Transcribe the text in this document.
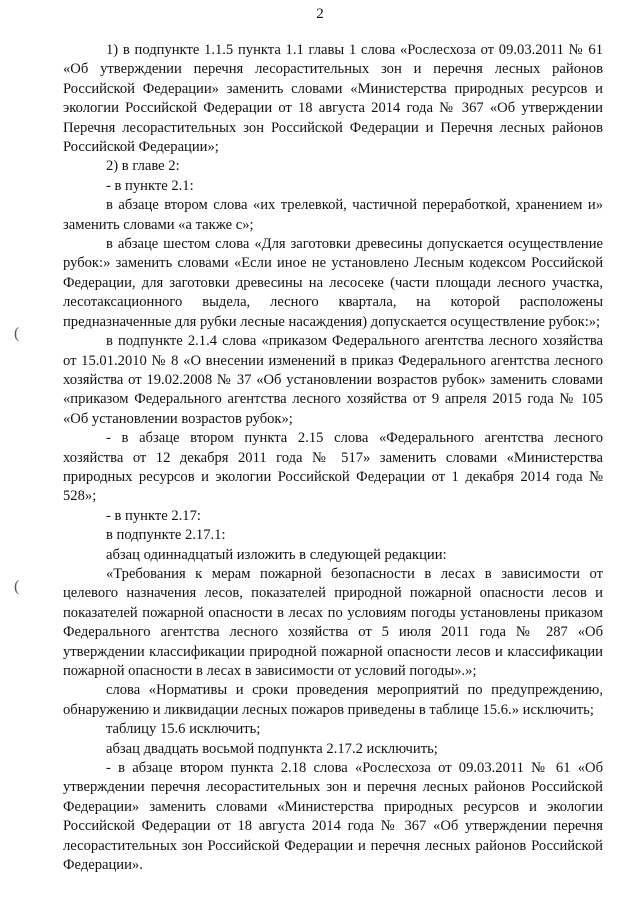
2
(
(

1) в подпункте 1.1.5 пункта 1.1 главы 1 слова «Рослесхоза от 09.03.2011 № 61 «Об утверждении перечня лесорастительных зон и перечня лесных районов Российской Федерации» заменить словами «Министерства природных ресурсов и экологии Российской Федерации от 18 августа 2014 года № 367 «Об утверждении Перечня лесорастительных зон Российской Федерации и Перечня лесных районов Российской Федерации»;

2) в главе 2:

- в пункте 2.1:

в абзаце втором слова «их трелевкой, частичной переработкой, хранением и» заменить словами «а также с»;

в абзаце шестом слова «Для заготовки древесины допускается осуществление рубок:» заменить словами «Если иное не установлено Лесным кодексом Российской Федерации, для заготовки древесины на лесосеке (части площади лесного участка, лесотаксационного выдела, лесного квартала, на которой расположены предназначенные для рубки лесные насаждения) допускается осуществление рубок:»;

в подпункте 2.1.4 слова «приказом Федерального агентства лесного хозяйства от 15.01.2010 № 8 «О внесении изменений в приказ Федерального агентства лесного хозяйства от 19.02.2008 № 37 «Об установлении возрастов рубок» заменить словами «приказом Федерального агентства лесного хозяйства от 9 апреля 2015 года № 105 «Об установлении возрастов рубок»;

- в абзаце втором пункта 2.15 слова «Федерального агентства лесного хозяйства от 12 декабря 2011 года № 517» заменить словами «Министерства природных ресурсов и экологии Российской Федерации от 1 декабря 2014 года № 528»;

- в пункте 2.17:

в подпункте 2.17.1:

абзац одиннадцатый изложить в следующей редакции:

«Требования к мерам пожарной безопасности в лесах в зависимости от целевого назначения лесов, показателей природной пожарной опасности лесов и показателей пожарной опасности в лесах по условиям погоды установлены приказом Федерального агентства лесного хозяйства от 5 июля 2011 года № 287 «Об утверждении классификации природной пожарной опасности лесов и классификации пожарной опасности в лесах в зависимости от условий погоды».»;

слова «Нормативы и сроки проведения мероприятий по предупреждению, обнаружению и ликвидации лесных пожаров приведены в таблице 15.6.» исключить;

таблицу 15.6 исключить;

абзац двадцать восьмой подпункта 2.17.2 исключить;

- в абзаце втором пункта 2.18 слова «Рослесхоза от 09.03.2011 № 61 «Об утверждении перечня лесорастительных зон и перечня лесных районов Российской Федерации» заменить словами «Министерства природных ресурсов и экологии Российской Федерации от 18 августа 2014 года № 367 «Об утверждении перечня лесорастительных зон Российской Федерации и перечня лесных районов Российской Федерации».
